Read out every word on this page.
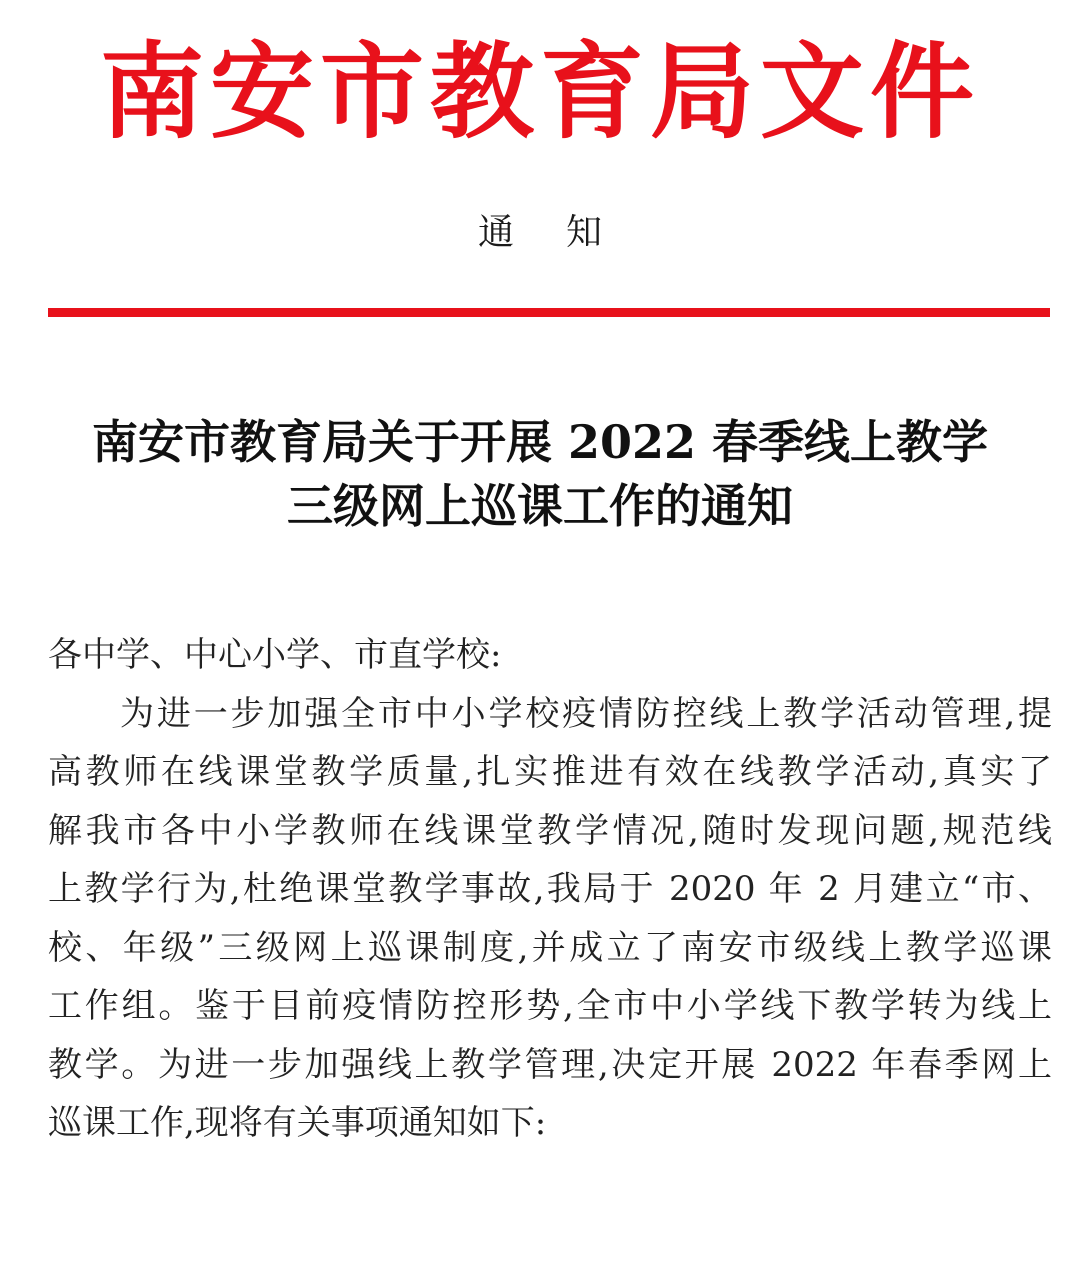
南安市教育局文件
通知
南安市教育局关于开展 2022 春季线上教学
三级网上巡课工作的通知
各中学、中心小学、市直学校:
为进一步加强全市中小学校疫情防控线上教学活动管理,提
高教师在线课堂教学质量,扎实推进有效在线教学活动,真实了
解我市各中小学教师在线课堂教学情况,随时发现问题,规范线
上教学行为,杜绝课堂教学事故,我局于 2020 年 2 月建立“市、
校、年级”三级网上巡课制度,并成立了南安市级线上教学巡课
工作组。鉴于目前疫情防控形势,全市中小学线下教学转为线上
教学。为进一步加强线上教学管理,决定开展 2022 年春季网上
巡课工作,现将有关事项通知如下:
